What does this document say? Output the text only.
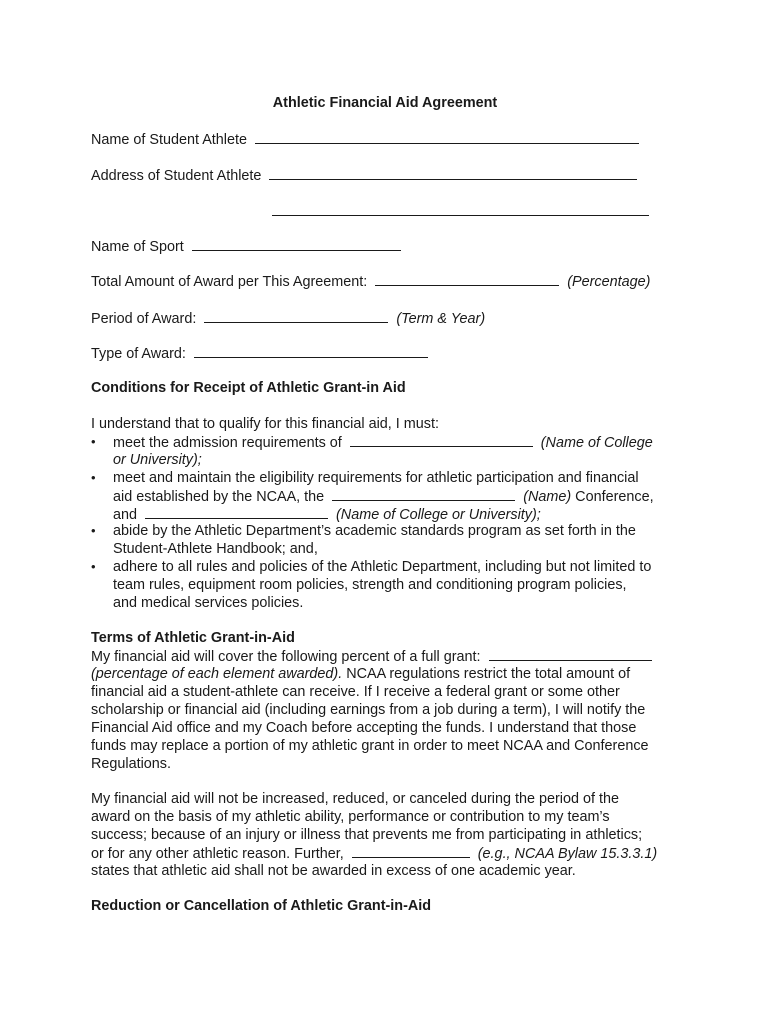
Athletic Financial Aid Agreement
Name of Student Athlete
Address of Student Athlete
Name of Sport
Total Amount of Award per This Agreement:	(Percentage)
Period of Award:	(Term & Year)
Type of Award:
Conditions for Receipt of Athletic Grant-in Aid
I understand that to qualify for this financial aid, I must:
• meet the admission requirements of	(Name of College
or University);
• meet and maintain the eligibility requirements for athletic participation and financial
aid established by the NCAA, the	(Name) Conference,
and	(Name of College or University);
• abide by the Athletic Department’s academic standards program as set forth in the
Student-Athlete Handbook; and,
• adhere to all rules and policies of the Athletic Department, including but not limited to
team rules, equipment room policies, strength and conditioning program policies,
and medical services policies.
Terms of Athletic Grant-in-Aid
My financial aid will cover the following percent of a full grant:
(percentage of each element awarded). NCAA regulations restrict the total amount of
financial aid a student-athlete can receive. If I receive a federal grant or some other
scholarship or financial aid (including earnings from a job during a term), I will notify the
Financial Aid office and my Coach before accepting the funds. I understand that those
funds may replace a portion of my athletic grant in order to meet NCAA and Conference
Regulations.
My financial aid will not be increased, reduced, or canceled during the period of the
award on the basis of my athletic ability, performance or contribution to my team’s
success; because of an injury or illness that prevents me from participating in athletics;
or for any other athletic reason. Further,	(e.g., NCAA Bylaw 15.3.3.1)
states that athletic aid shall not be awarded in excess of one academic year.
Reduction or Cancellation of Athletic Grant-in-Aid
